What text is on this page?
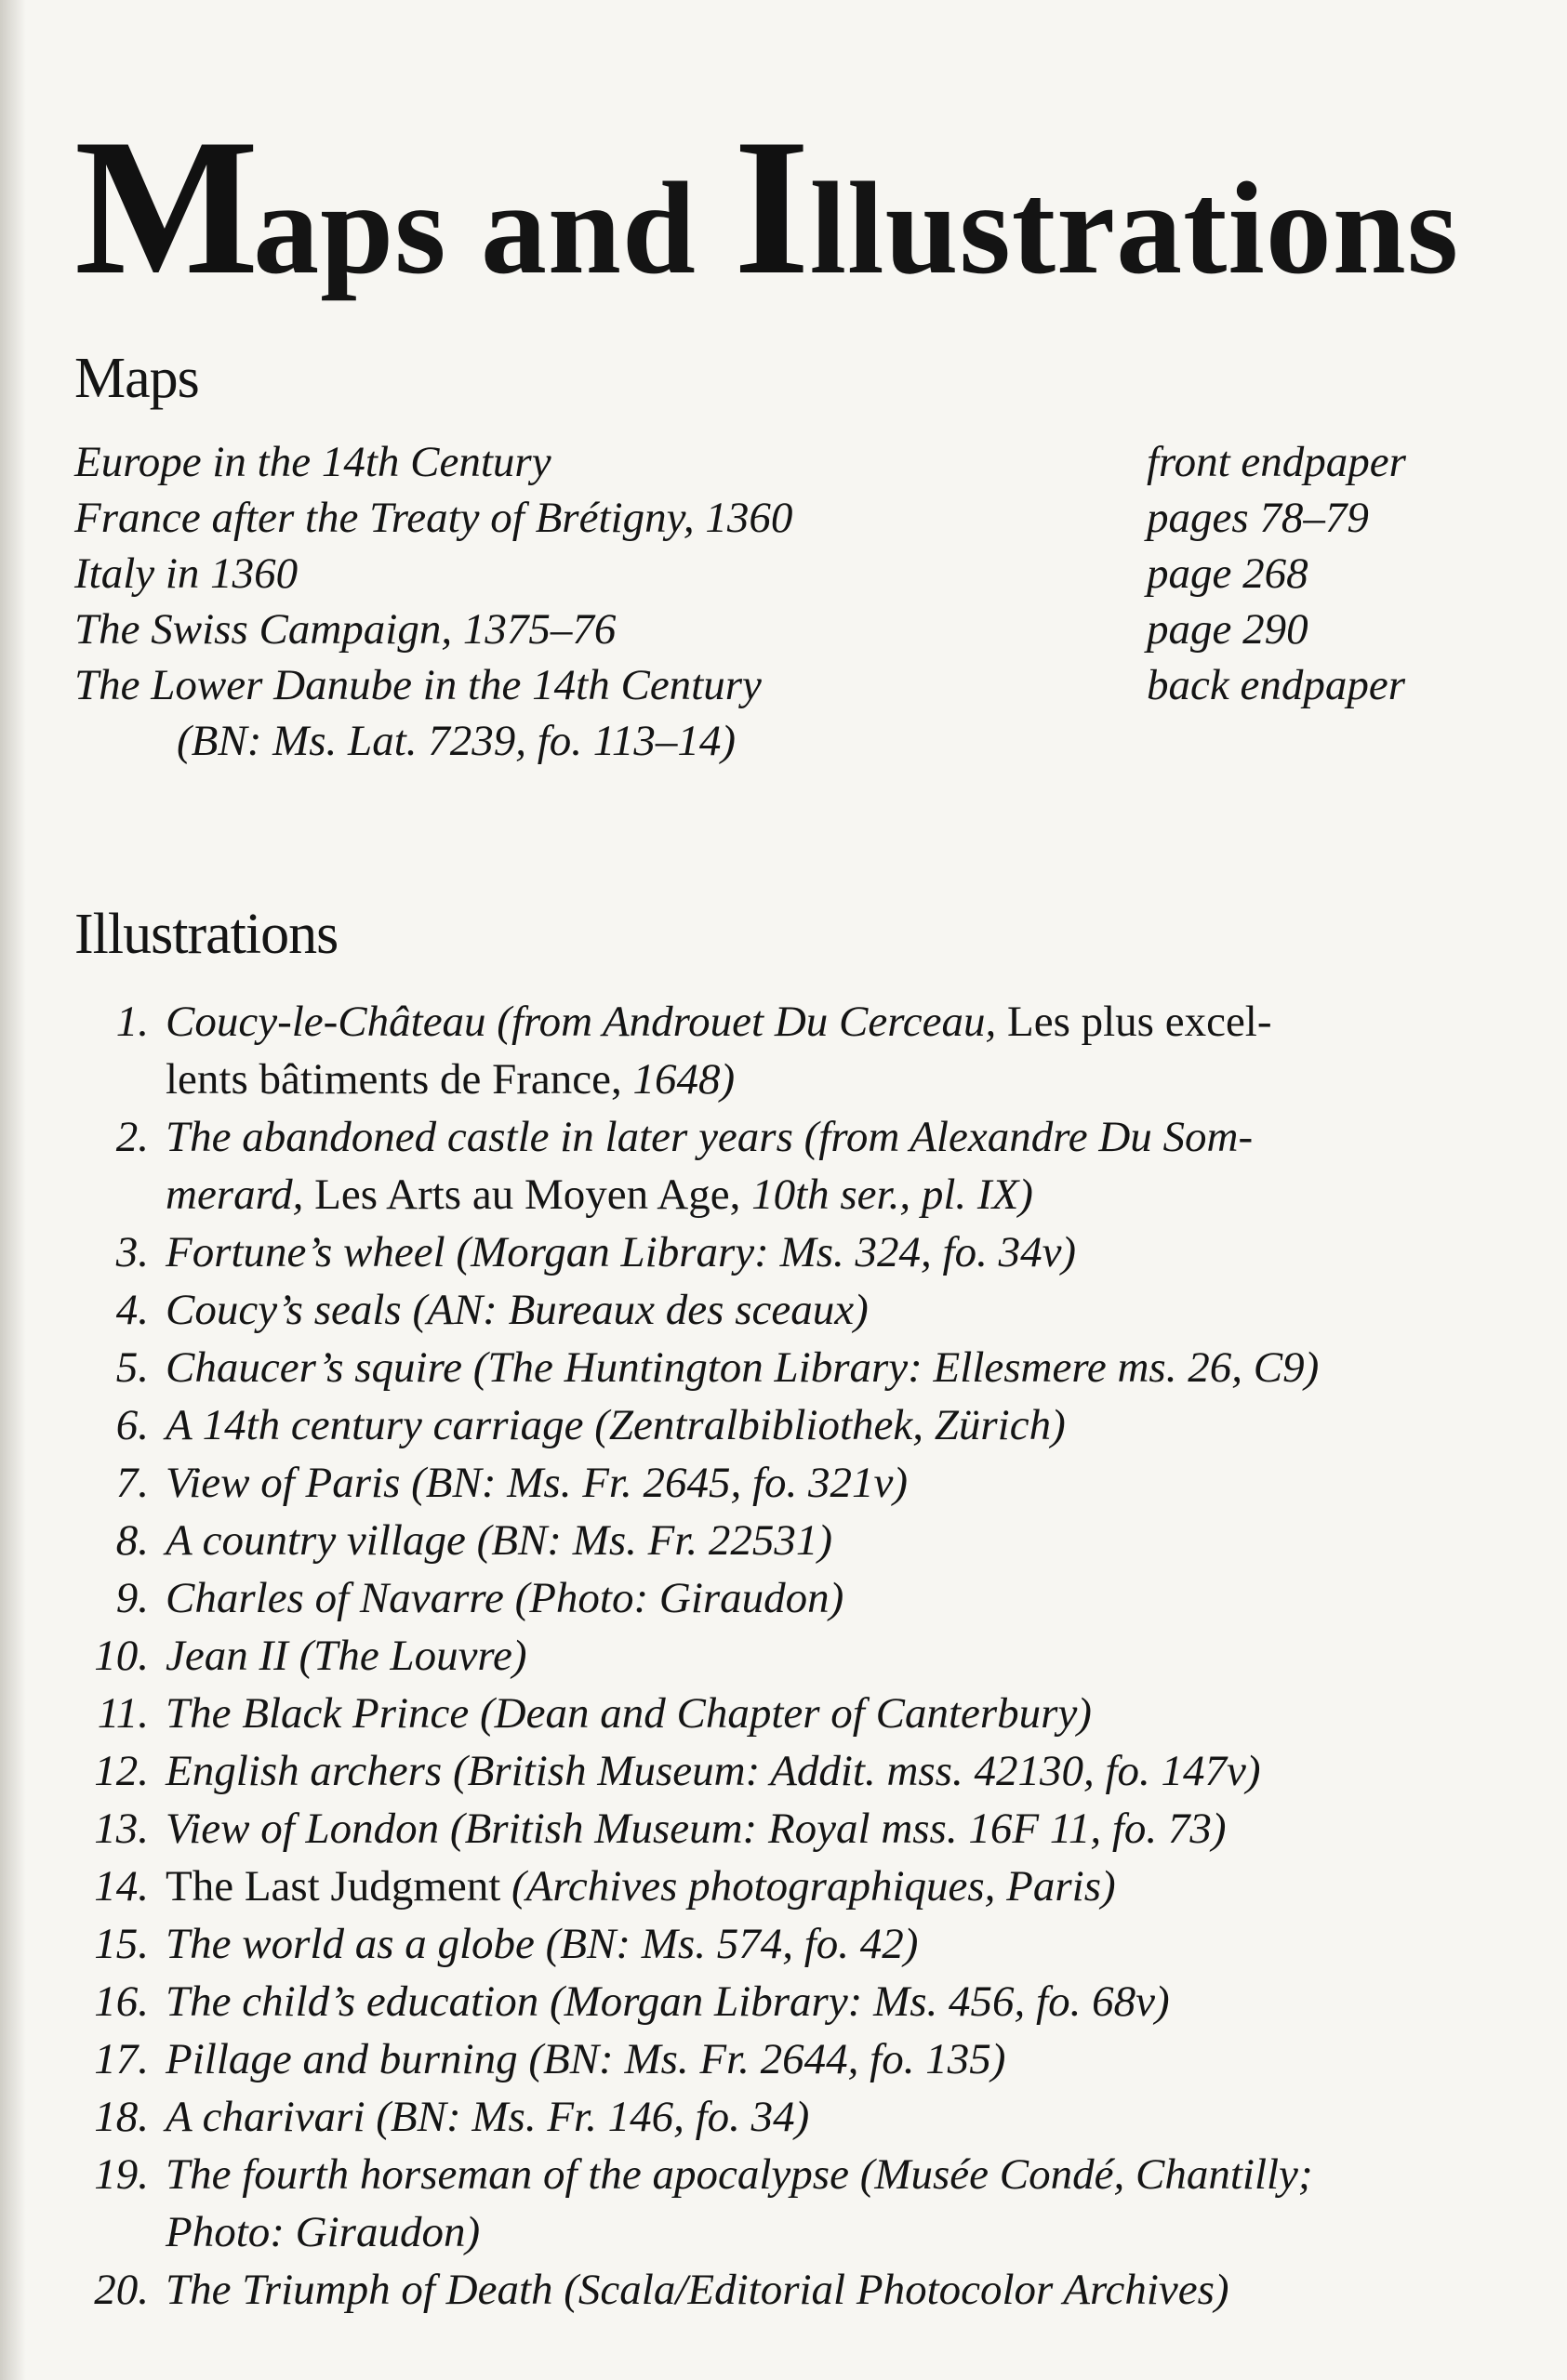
Maps and Illustrations
Maps
Europe in the 14th Century	front endpaper
France after the Treaty of Brétigny, 1360	pages 78–79
Italy in 1360	page 268
The Swiss Campaign, 1375–76	page 290
The Lower Danube in the 14th Century	back endpaper
(BN: Ms. Lat. 7239, fo. 113–14)
Illustrations
1. Coucy-le-Château (from Androuet Du Cerceau, Les plus excel-
lents bâtiments de France, 1648)
2. The abandoned castle in later years (from Alexandre Du Som-
merard, Les Arts au Moyen Age, 10th ser., pl. IX)
3. Fortune’s wheel (Morgan Library: Ms. 324, fo. 34v)
4. Coucy’s seals (AN: Bureaux des sceaux)
5. Chaucer’s squire (The Huntington Library: Ellesmere ms. 26, C9)
6. A 14th century carriage (Zentralbibliothek, Zürich)
7. View of Paris (BN: Ms. Fr. 2645, fo. 321v)
8. A country village (BN: Ms. Fr. 22531)
9. Charles of Navarre (Photo: Giraudon)
10. Jean II (The Louvre)
11. The Black Prince (Dean and Chapter of Canterbury)
12. English archers (British Museum: Addit. mss. 42130, fo. 147v)
13. View of London (British Museum: Royal mss. 16F 11, fo. 73)
14. The Last Judgment (Archives photographiques, Paris)
15. The world as a globe (BN: Ms. 574, fo. 42)
16. The child’s education (Morgan Library: Ms. 456, fo. 68v)
17. Pillage and burning (BN: Ms. Fr. 2644, fo. 135)
18. A charivari (BN: Ms. Fr. 146, fo. 34)
19. The fourth horseman of the apocalypse (Musée Condé, Chantilly;
Photo: Giraudon)
20. The Triumph of Death (Scala/Editorial Photocolor Archives)
